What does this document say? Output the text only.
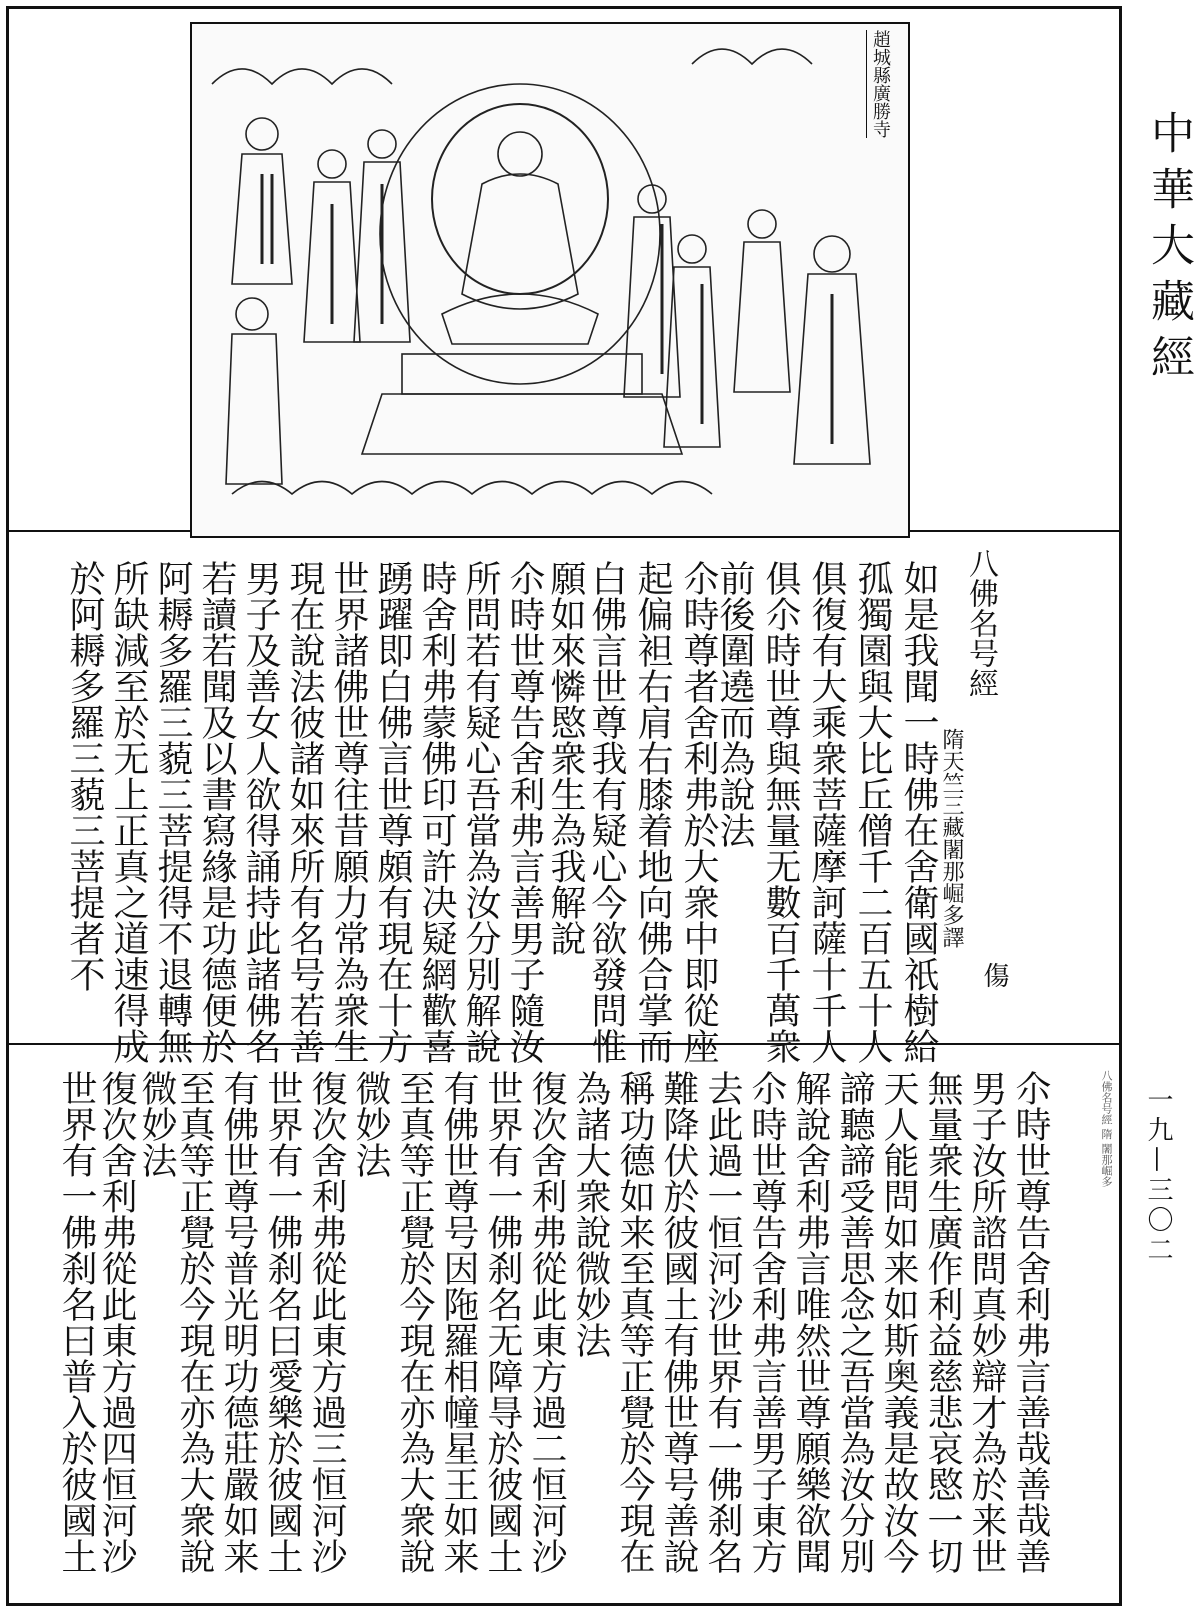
趙城縣廣勝寺
中華大藏經
一九—三〇二
八佛名号經 隋 闍那崛多
八佛名号經
隋天竺三藏闍那崛多譯
傷
如是我聞一時佛在舍衛國祇樹給
孤獨園與大比丘僧千二百五十人
俱復有大乘衆菩薩摩訶薩十千人
俱尒時世尊與無量无數百千萬衆
前後圍遶而為說法
尒時尊者舍利弗於大衆中即從座
起偏袒右肩右膝着地向佛合掌而
白佛言世尊我有疑心今欲發問惟
願如來憐愍衆生為我解說
尒時世尊告舍利弗言善男子隨汝
所問若有疑心吾當為汝分別解說
時舍利弗蒙佛印可許决疑網歡喜
踴躍即白佛言世尊頗有現在十方
世界諸佛世尊往昔願力常為衆生
現在說法彼諸如來所有名号若善
男子及善女人欲得誦持此諸佛名
若讀若聞及以書寫緣是功德便於
阿耨多羅三藐三菩提得不退轉無
所缺減至於无上正真之道速得成
於阿耨多羅三藐三菩提者不
尒時世尊告舍利弗言善哉善哉善
男子汝所諮問真妙辯才為於来世
無量衆生廣作利益慈悲哀愍一切
天人能問如来如斯奥義是故汝今
諦聽諦受善思念之吾當為汝分別
解說舍利弗言唯然世尊願樂欲聞
尒時世尊告舍利弗言善男子東方
去此過一恒河沙世界有一佛刹名
難降伏於彼國土有佛世尊号善說
稱功德如来至真等正覺於今現在
為諸大衆說微妙法
復次舍利弗從此東方過二恒河沙
世界有一佛刹名无障㝵於彼國土
有佛世尊号因陁羅相幢星王如来
至真等正覺於今現在亦為大衆說
微妙法
復次舍利弗從此東方過三恒河沙
世界有一佛刹名曰愛樂於彼國土
有佛世尊号普光明功德莊嚴如来
至真等正覺於今現在亦為大衆說
微妙法
復次舍利弗從此東方過四恒河沙
世界有一佛刹名曰普入於彼國土
